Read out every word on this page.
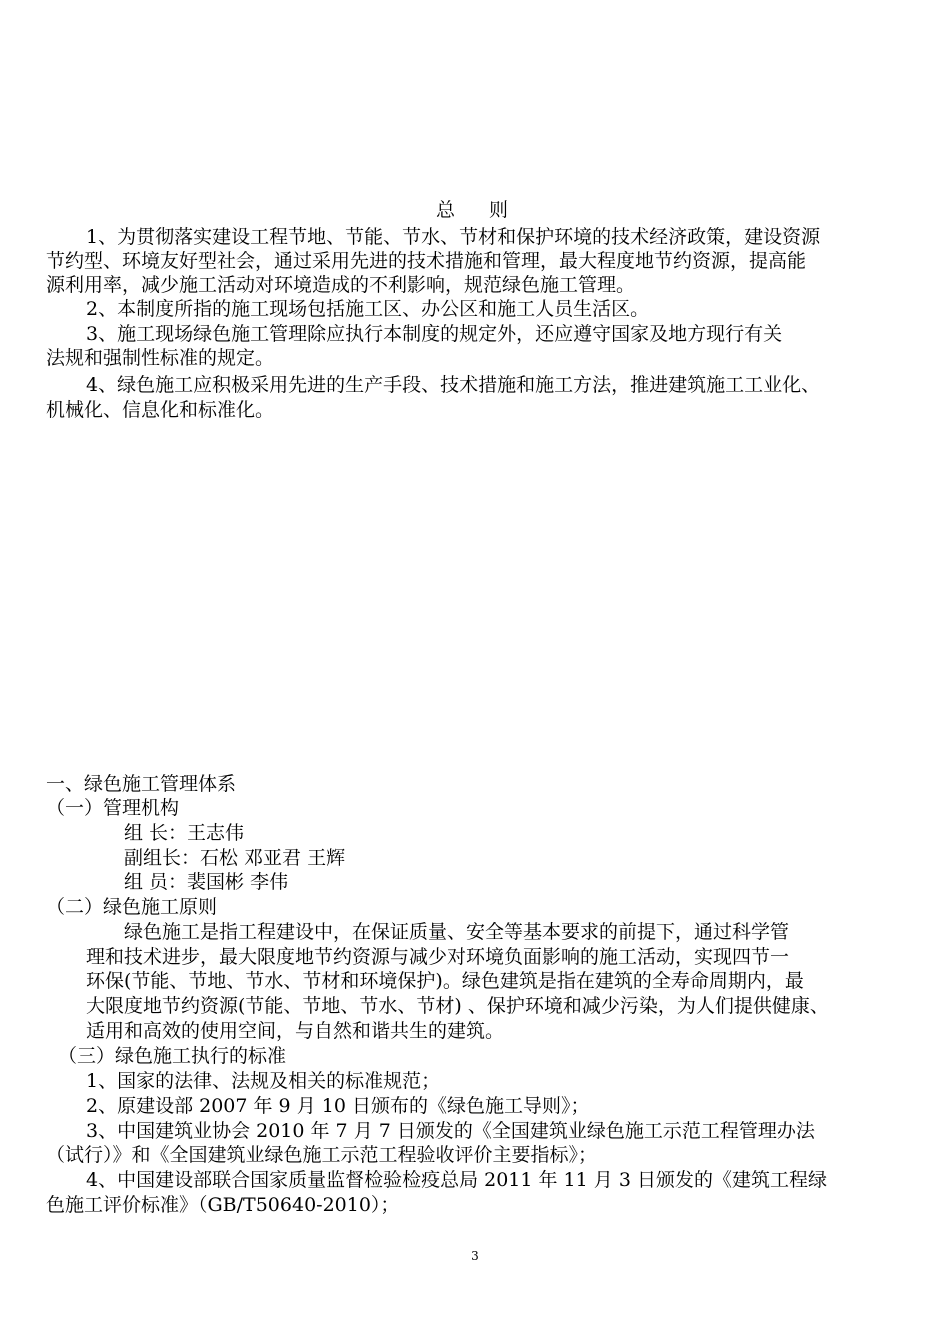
总 则
1、为贯彻落实建设工程节地、节能、节水、节材和保护环境的技术经济政策，建设资源
节约型、环境友好型社会，通过采用先进的技术措施和管理，最大程度地节约资源，提高能
源利用率，减少施工活动对环境造成的不利影响，规范绿色施工管理。
2、本制度所指的施工现场包括施工区、办公区和施工人员生活区。
3、施工现场绿色施工管理除应执行本制度的规定外，还应遵守国家及地方现行有关
法规和强制性标准的规定。
4、绿色施工应积极采用先进的生产手段、技术措施和施工方法，推进建筑施工工业化、
机械化、信息化和标准化。
一、绿色施工管理体系
（一）管理机构
组 长：王志伟
副组长：石松 邓亚君 王辉
组 员：裴国彬 李伟
（二）绿色施工原则
绿色施工是指工程建设中，在保证质量、安全等基本要求的前提下，通过科学管
理和技术进步，最大限度地节约资源与减少对环境负面影响的施工活动，实现四节一
环保(节能、节地、节水、节材和环境保护)。绿色建筑是指在建筑的全寿命周期内，最
大限度地节约资源(节能、节地、节水、节材) 、保护环境和减少污染，为人们提供健康、
适用和高效的使用空间，与自然和谐共生的建筑。
（三）绿色施工执行的标准
1、国家的法律、法规及相关的标准规范；
2、原建设部 2007 年 9 月 10 日颁布的《绿色施工导则》；
3、中国建筑业协会 2010 年 7 月 7 日颁发的《全国建筑业绿色施工示范工程管理办法
（试行）》和《全国建筑业绿色施工示范工程验收评价主要指标》；
4、中国建设部联合国家质量监督检验检疫总局 2011 年 11 月 3 日颁发的《建筑工程绿
色施工评价标准》（GB/T50640-2010）；
3
